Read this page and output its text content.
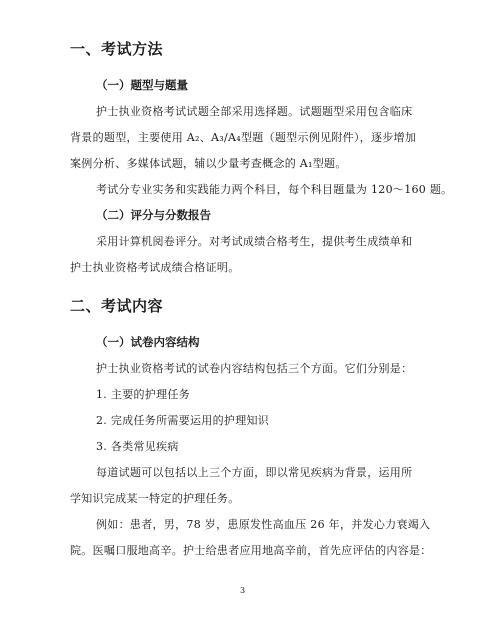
一、考试方法
（一）题型与题量
护士执业资格考试试题全部采用选择题。试题题型采用包含临床
背景的题型，主要使用 A₂、A₃/A₄型题（题型示例见附件），逐步增加
案例分析、多媒体试题，辅以少量考查概念的 A₁型题。
考试分专业实务和实践能力两个科目，每个科目题量为 120～160 题。
（二）评分与分数报告
采用计算机阅卷评分。对考试成绩合格考生，提供考生成绩单和
护士执业资格考试成绩合格证明。
二、考试内容
（一）试卷内容结构
护士执业资格考试的试卷内容结构包括三个方面。它们分别是：
1. 主要的护理任务
2. 完成任务所需要运用的护理知识
3. 各类常见疾病
每道试题可以包括以上三个方面，即以常见疾病为背景，运用所
学知识完成某一特定的护理任务。
例如：患者，男，78 岁，患原发性高血压 26 年，并发心力衰竭入
院。医嘱口服地高辛。护士给患者应用地高辛前，首先应评估的内容是：
3
